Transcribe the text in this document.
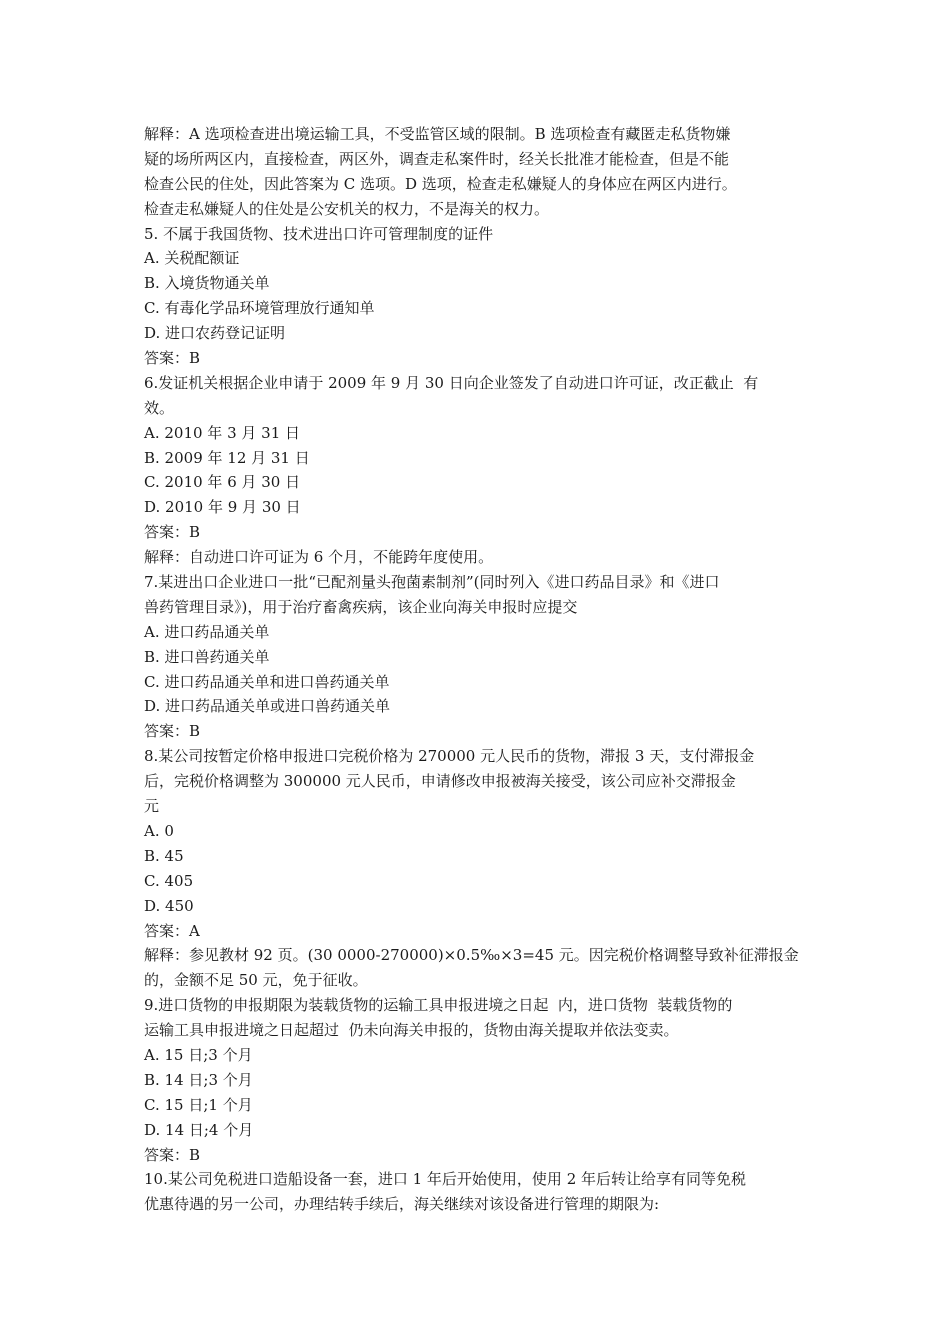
解释：A 选项检查进出境运输工具，不受监管区域的限制。B 选项检查有藏匿走私货物嫌

疑的场所两区内，直接检查，两区外，调查走私案件时，经关长批准才能检查，但是不能

检查公民的住处，因此答案为 C 选项。D 选项，检查走私嫌疑人的身体应在两区内进行。

检查走私嫌疑人的住处是公安机关的权力，不是海关的权力。

5. 不属于我国货物、技术进出口许可管理制度的证件

A. 关税配额证

B. 入境货物通关单

C. 有毒化学品环境管理放行通知单

D. 进口农药登记证明

答案：B

6.发证机关根据企业申请于 2009 年 9 月 30 日向企业签发了自动进口许可证，改正截止  有

效。

A. 2010 年 3 月 31 日

B. 2009 年 12 月 31 日

C. 2010 年 6 月 30 日

D. 2010 年 9 月 30 日

答案：B

解释：自动进口许可证为 6 个月，不能跨年度使用。

7.某进出口企业进口一批“已配剂量头孢菌素制剂”(同时列入《进口药品目录》和《进口

兽药管理目录》)，用于治疗畜禽疾病，该企业向海关申报时应提交

A. 进口药品通关单

B. 进口兽药通关单

C. 进口药品通关单和进口兽药通关单

D. 进口药品通关单或进口兽药通关单

答案：B

8.某公司按暂定价格申报进口完税价格为 270000 元人民币的货物，滞报 3 天，支付滞报金

后，完税价格调整为 300000 元人民币，申请修改申报被海关接受，该公司应补交滞报金

元

A. 0

B. 45

C. 405

D. 450

答案：A

解释：参见教材 92 页。(30 0000-270000)×0.5‰×3=45 元。因完税价格调整导致补征滞报金

的，金额不足 50 元，免于征收。

9.进口货物的申报期限为装载货物的运输工具申报进境之日起  内，进口货物  装载货物的

运输工具申报进境之日起超过  仍未向海关申报的，货物由海关提取并依法变卖。

A. 15 日;3 个月

B. 14 日;3 个月

C. 15 日;1 个月

D. 14 日;4 个月

答案：B

10.某公司免税进口造船设备一套，进口 1 年后开始使用，使用 2 年后转让给享有同等免税

优惠待遇的另一公司，办理结转手续后，海关继续对该设备进行管理的期限为:
